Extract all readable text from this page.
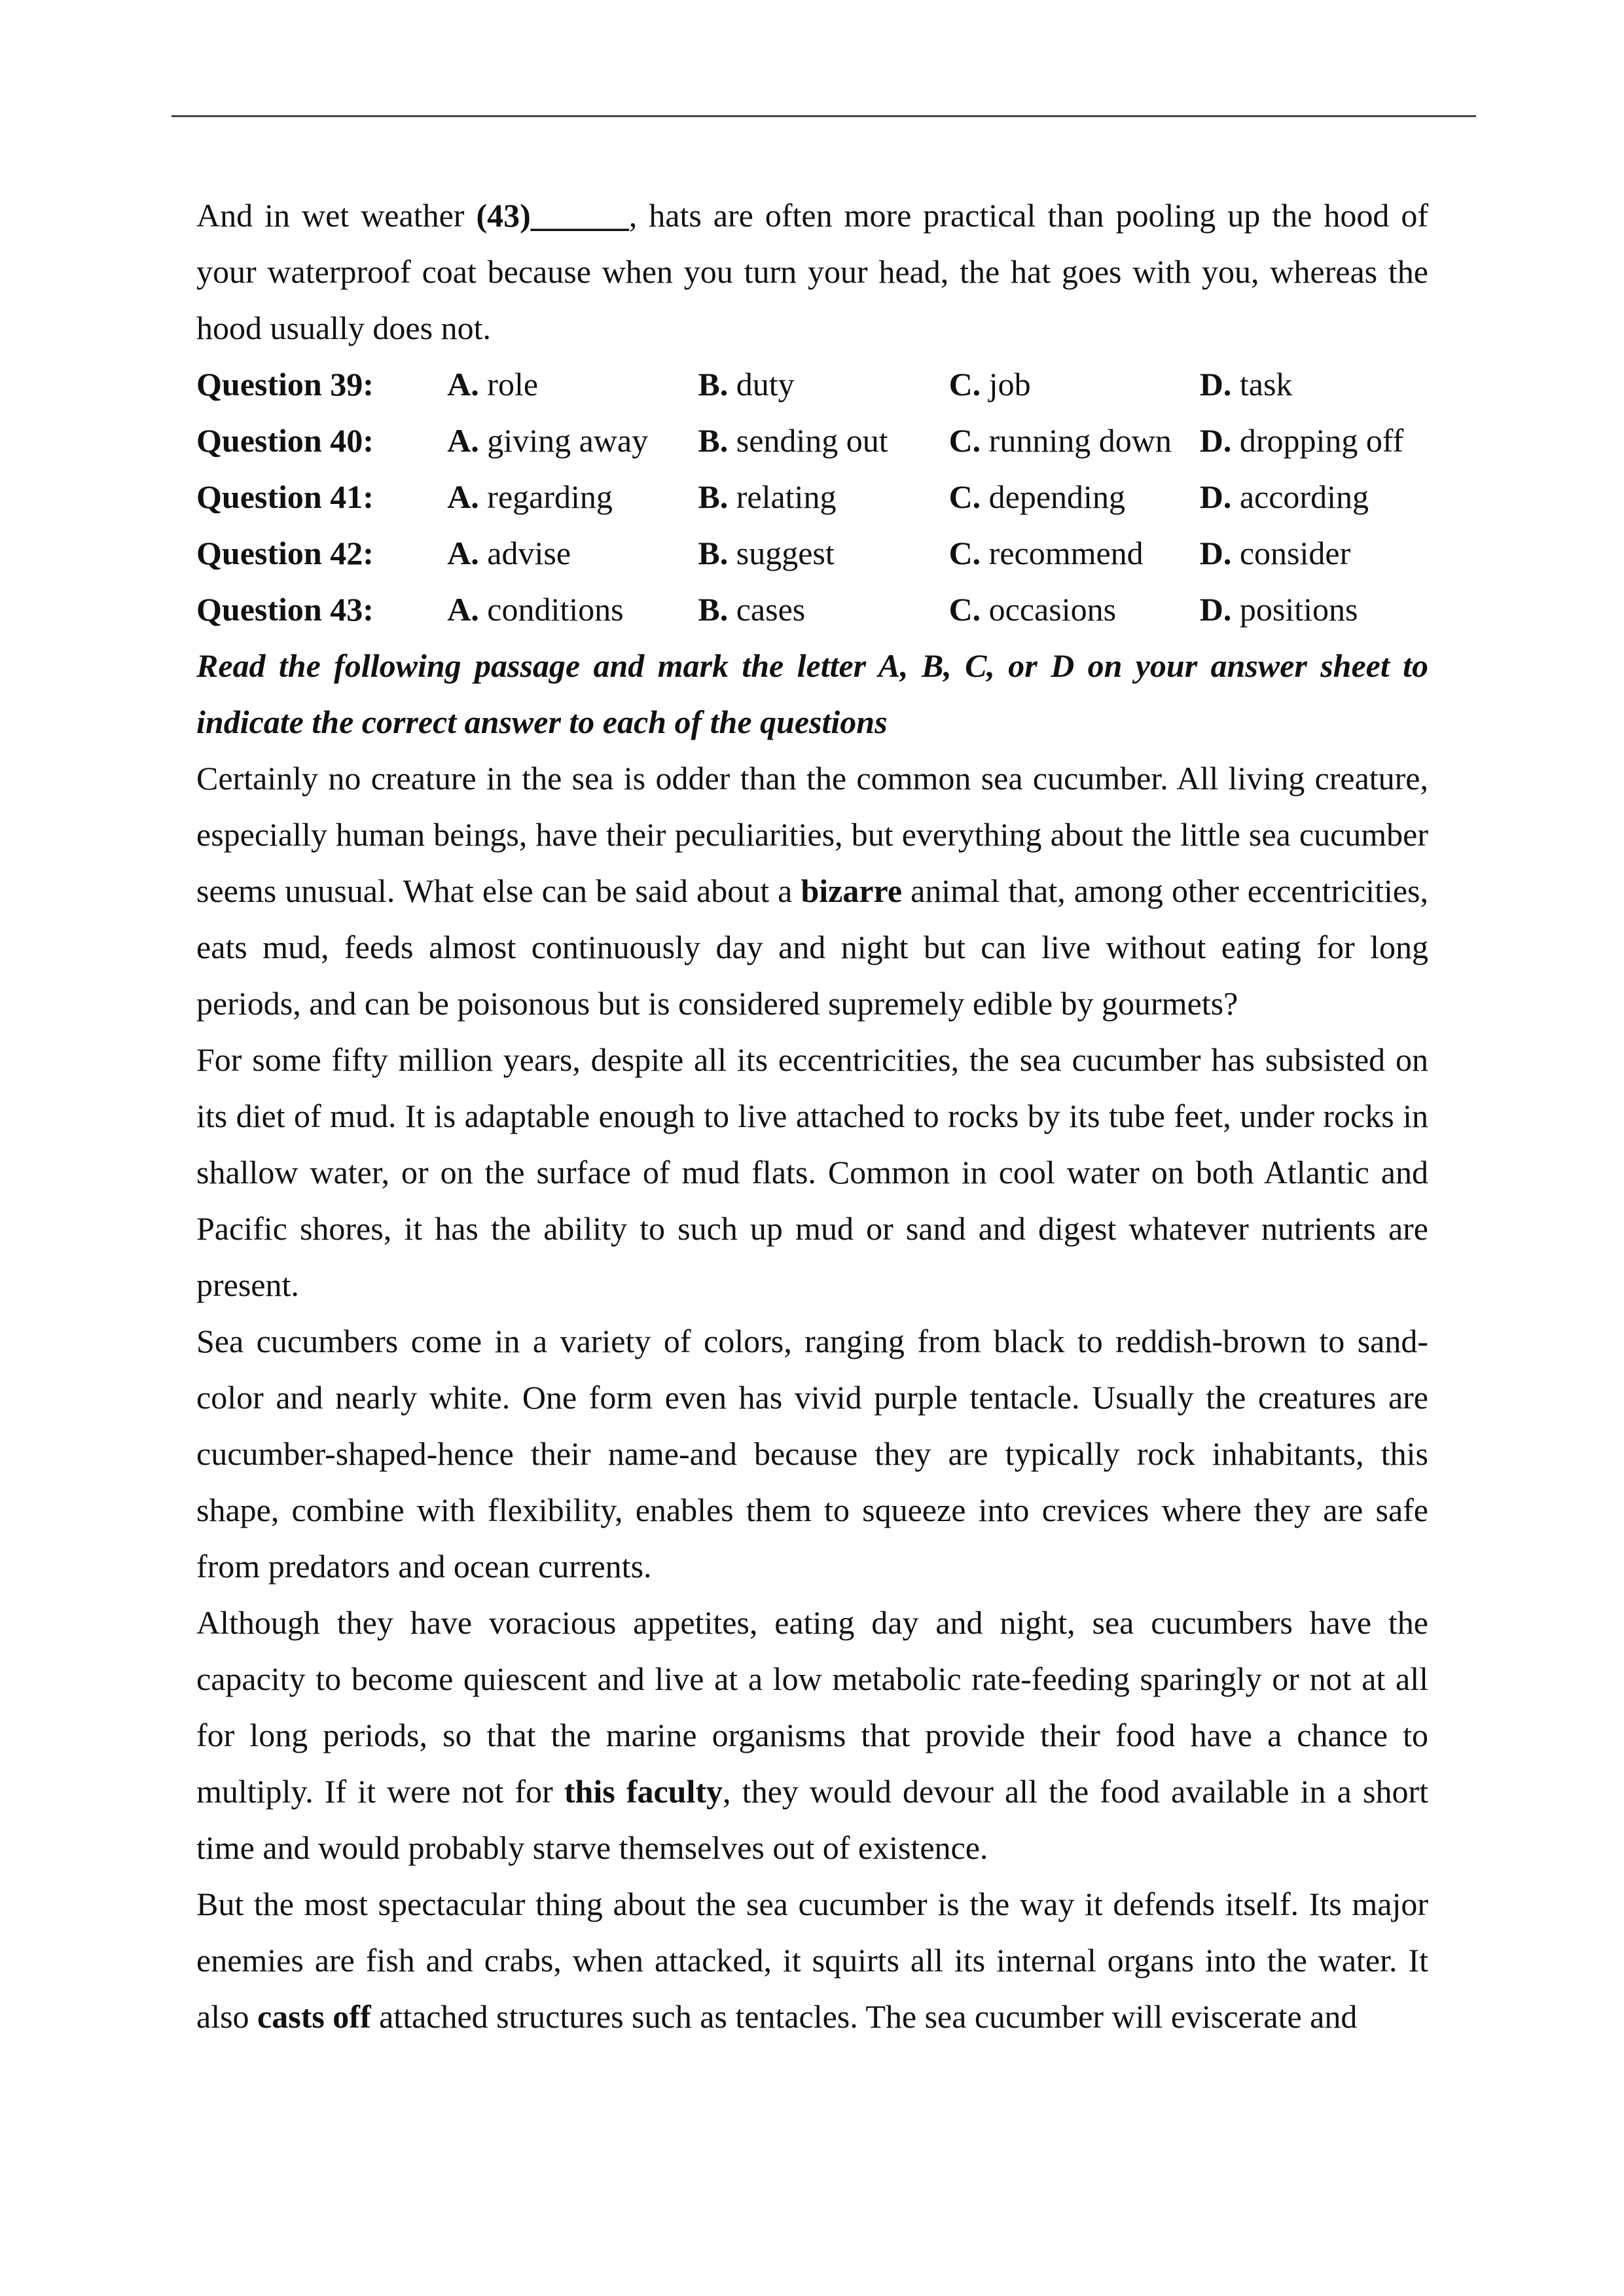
And in wet weather (43)______, hats are often more practical than pooling up the hood of your waterproof coat because when you turn your head, the hat goes with you, whereas the hood usually does not.

Question 39:	A. role	B. duty	C. job	D. task
Question 40:	A. giving away	B. sending out	C. running down D. dropping off
Question 41:	A. regarding	B. relating	C. depending	D. according
Question 42:	A. advise	B. suggest	C. recommend	D. consider
Question 43:	A. conditions	B. cases	C. occasions	D. positions

Read the following passage and mark the letter A, B, C, or D on your answer sheet to indicate the correct answer to each of the questions

Certainly no creature in the sea is odder than the common sea cucumber. All living creature, especially human beings, have their peculiarities, but everything about the little sea cucumber seems unusual. What else can be said about a bizarre animal that, among other eccentricities, eats mud, feeds almost continuously day and night but can live without eating for long periods, and can be poisonous but is considered supremely edible by gourmets?

For some fifty million years, despite all its eccentricities, the sea cucumber has subsisted on its diet of mud. It is adaptable enough to live attached to rocks by its tube feet, under rocks in shallow water, or on the surface of mud flats. Common in cool water on both Atlantic and Pacific shores, it has the ability to such up mud or sand and digest whatever nutrients are present.

Sea cucumbers come in a variety of colors, ranging from black to reddish-brown to sand-color and nearly white. One form even has vivid purple tentacle. Usually the creatures are cucumber-shaped-hence their name-and because they are typically rock inhabitants, this shape, combine with flexibility, enables them to squeeze into crevices where they are safe from predators and ocean currents.

Although they have voracious appetites, eating day and night, sea cucumbers have the capacity to become quiescent and live at a low metabolic rate-feeding sparingly or not at all for long periods, so that the marine organisms that provide their food have a chance to multiply. If it were not for this faculty, they would devour all the food available in a short time and would probably starve themselves out of existence.

But the most spectacular thing about the sea cucumber is the way it defends itself. Its major enemies are fish and crabs, when attacked, it squirts all its internal organs into the water. It also casts off attached structures such as tentacles. The sea cucumber will eviscerate and
